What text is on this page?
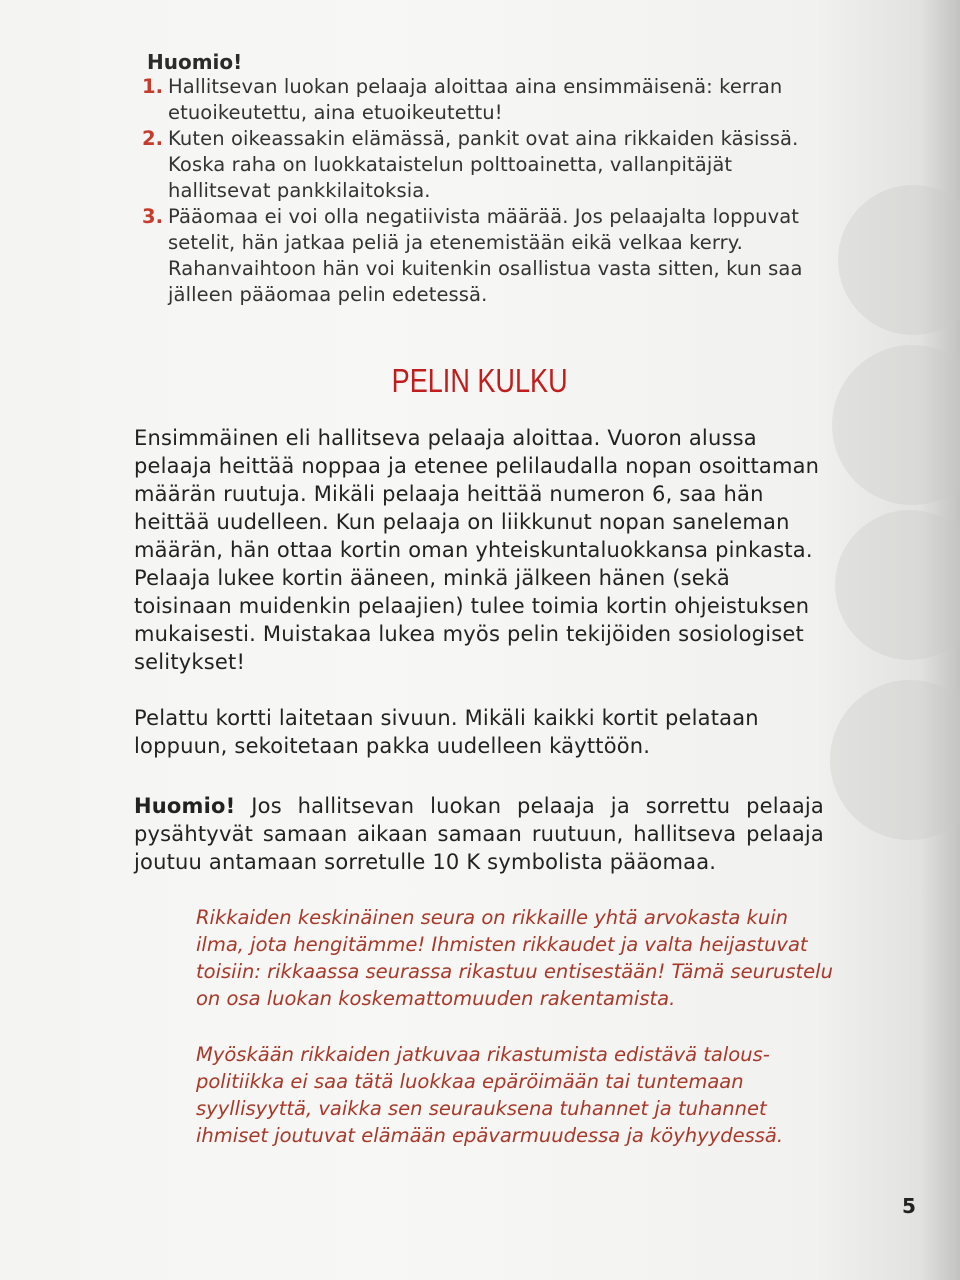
Huomio!
1. Hallitsevan luokan pelaaja aloittaa aina ensimmäisenä: kerran etuoikeutettu, aina etuoikeutettu!
2. Kuten oikeassakin elämässä, pankit ovat aina rikkaiden käsissä. Koska raha on luokkataistelun polttoainetta, vallanpitäjät hallitsevat pankkilaitoksia.
3. Pääomaa ei voi olla negatiivista määrää. Jos pelaajalta loppuvat setelit, hän jatkaa peliä ja etenemistään eikä velkaa kerry. Rahanvaihtoon hän voi kuitenkin osallistua vasta sitten, kun saa jälleen pääomaa pelin edetessä.
PELIN KULKU

Ensimmäinen eli hallitseva pelaaja aloittaa. Vuoron alussa pelaaja heittää noppaa ja etenee pelilaudalla nopan osoittaman määrän ruutuja. Mikäli pelaaja heittää numeron 6, saa hän heittää uudelleen. Kun pelaaja on liikkunut nopan saneleman määrän, hän ottaa kortin oman yhteiskuntaluokkansa pinkasta. Pelaaja lukee kortin ääneen, minkä jälkeen hänen (sekä toisinaan muidenkin pelaajien) tulee toimia kortin ohjeistuksen mukaisesti. Muistakaa lukea myös pelin tekijöiden sosiologiset selitykset!

Pelattu kortti laitetaan sivuun. Mikäli kaikki kortit pelataan loppuun, sekoitetaan pakka uudelleen käyttöön.

Huomio! Jos hallitsevan luokan pelaaja ja sorrettu pelaaja pysähtyvät samaan aikaan samaan ruutuun, hallitseva pelaaja joutuu antamaan sorretulle 10 K symbolista pääomaa.

Rikkaiden keskinäinen seura on rikkaille yhtä arvokasta kuin ilma, jota hengitämme! Ihmisten rikkaudet ja valta heijastuvat toisiin: rikkaassa seurassa rikastuu entisestään! Tämä seurustelu on osa luokan koskemattomuuden rakentamista.

Myöskään rikkaiden jatkuvaa rikastumista edistävä talouspolitiikka ei saa tätä luokkaa epäröimään tai tuntemaan syyllisyyttä, vaikka sen seurauksena tuhannet ja tuhannet ihmiset joutuvat elämään epävarmuudessa ja köyhyydessä.

5
